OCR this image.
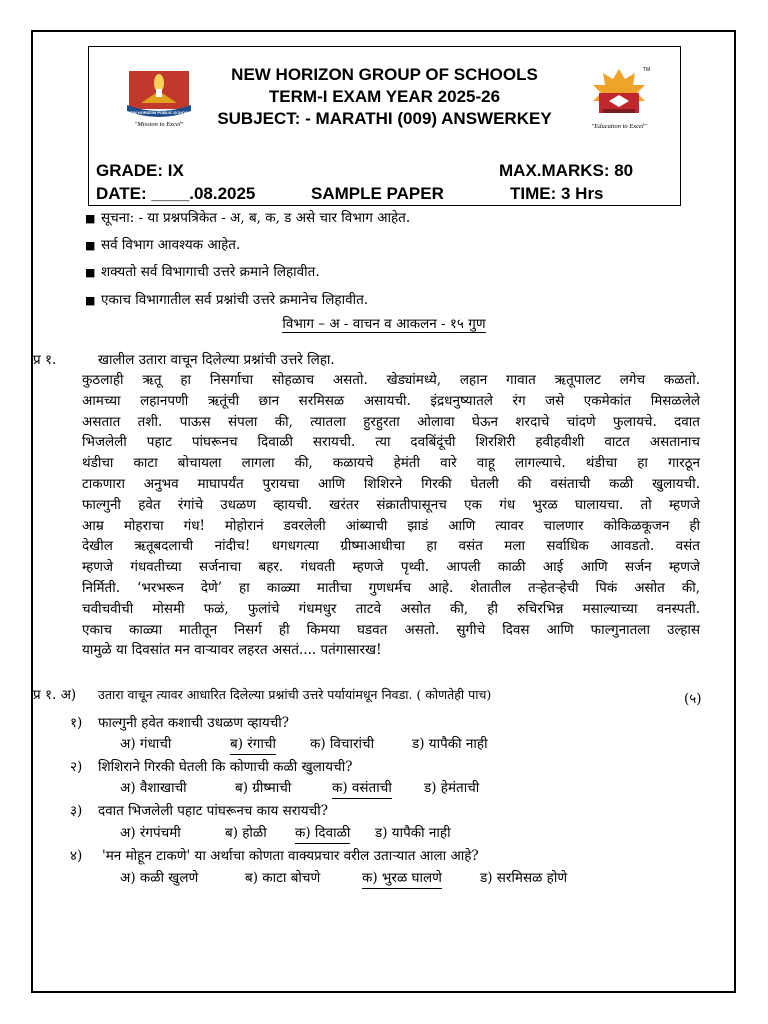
NEW HORIZON PUBLIC SCHOOL
"Mission to Excel"
TM
"Education to Excel"
NEW HORIZON GROUP OF SCHOOLS
TERM-I EXAM YEAR 2025-26
SUBJECT: - MARATHI (009) ANSWERKEY
GRADE: IX	MAX.MARKS: 80
DATE: ____.08.2025	SAMPLE PAPER	TIME: 3 Hrs
■ सूचना: - या प्रश्नपत्रिकेत - अ, ब, क, ड असे चार विभाग आहेत.
■ सर्व विभाग आवश्यक आहेत.
■ शक्यतो सर्व विभागाची उत्तरे क्रमाने लिहावीत.
■ एकाच विभागातील सर्व प्रश्नांची उत्तरे क्रमानेच लिहावीत.
विभाग – अ - वाचन व आकलन - १५ गुण
प्र १.	खालील उतारा वाचून दिलेल्या प्रश्नांची उत्तरे लिहा.

कुठलाही ऋतू हा निसर्गाचा सोहळाच असतो. खेड्यांमध्ये, लहान गावात ऋतूपालट लगेच कळतो.

आमच्या लहानपणी ऋतूंची छान सरमिसळ असायची. इंद्रधनुष्यातले रंग जसे एकमेकांत मिसळलेले

असतात तशी. पाऊस संपला की, त्यातला हुरहुरता ओलावा घेऊन शरदाचे चांदणे फुलायचे. दवात

भिजलेली पहाट पांघरूनच दिवाळी सरायची. त्या दवबिंदूंची शिरशिरी हवीहवीशी वाटत असतानाच

थंडीचा काटा बोचायला लागला की, कळायचे हेमंती वारे वाहू लागल्याचे. थंडीचा हा गारठून

टाकणारा अनुभव माघापर्यंत पुरायचा आणि शिशिरने गिरकी घेतली की वसंताची कळी खुलायची.

फाल्गुनी हवेत रंगांचे उधळण व्हायची. खरंतर संक्रातीपासूनच एक गंध भुरळ घालायचा. तो म्हणजे

आम्र मोहराचा गंध! मोहोरानं डवरलेली आंब्याची झाडं आणि त्यावर चालणार कोकिळकूजन ही

देखील ऋतूबदलाची नांदीच! धगधगत्या ग्रीष्माआधीचा हा वसंत मला सर्वाधिक आवडतो. वसंत

म्हणजे गंधवतीच्या सर्जनाचा बहर. गंधवती म्हणजे पृथ्वी. आपली काळी आई आणि सर्जन म्हणजे

निर्मिती. ‘भरभरून देणे’ हा काळ्या मातीचा गुणधर्मच आहे. शेतातील तऱ्हेतऱ्हेची पिकं असोत की,

चवीचवीची मोसमी फळं, फुलांचे गंधमधुर ताटवे असोत की, ही रुचिरभिन्न मसाल्याच्या वनस्पती.

एकाच काळ्या मातीतून निसर्ग ही किमया घडवत असतो. सुगीचे दिवस आणि फाल्गुनातला उल्हास

यामुळे या दिवसांत मन वाऱ्यावर लहरत असतं.... पतंगासारख!

प्र १. अ) उतारा वाचून त्यावर आधारित दिलेल्या प्रश्नांची उत्तरे पर्यायांमधून निवडा. ( कोणतेही पाच)	(५)
१) फाल्गुनी हवेत कशाची उधळण व्हायची?
अ) गंधाची	ब) रंगाची	क) विचारांची	ड) यापैकी नाही
२) शिशिराने गिरकी घेतली कि कोणाची कळी खुलायची?
अ) वैशाखाची	ब) ग्रीष्माची	क) वसंताची ड) हेमंताची
३) दवात भिजलेली पहाट पांघरूनच काय सरायची?
अ) रंगपंचमी	ब) होळी क) दिवाळी ड) यापैकी नाही
४) 'मन मोहून टाकणे' या अर्थाचा कोणता वाक्यप्रचार वरील उताऱ्यात आला आहे?
अ) कळी खुलणे	ब) काटा बोचणे	क) भुरळ घालणे	ड) सरमिसळ होणे
